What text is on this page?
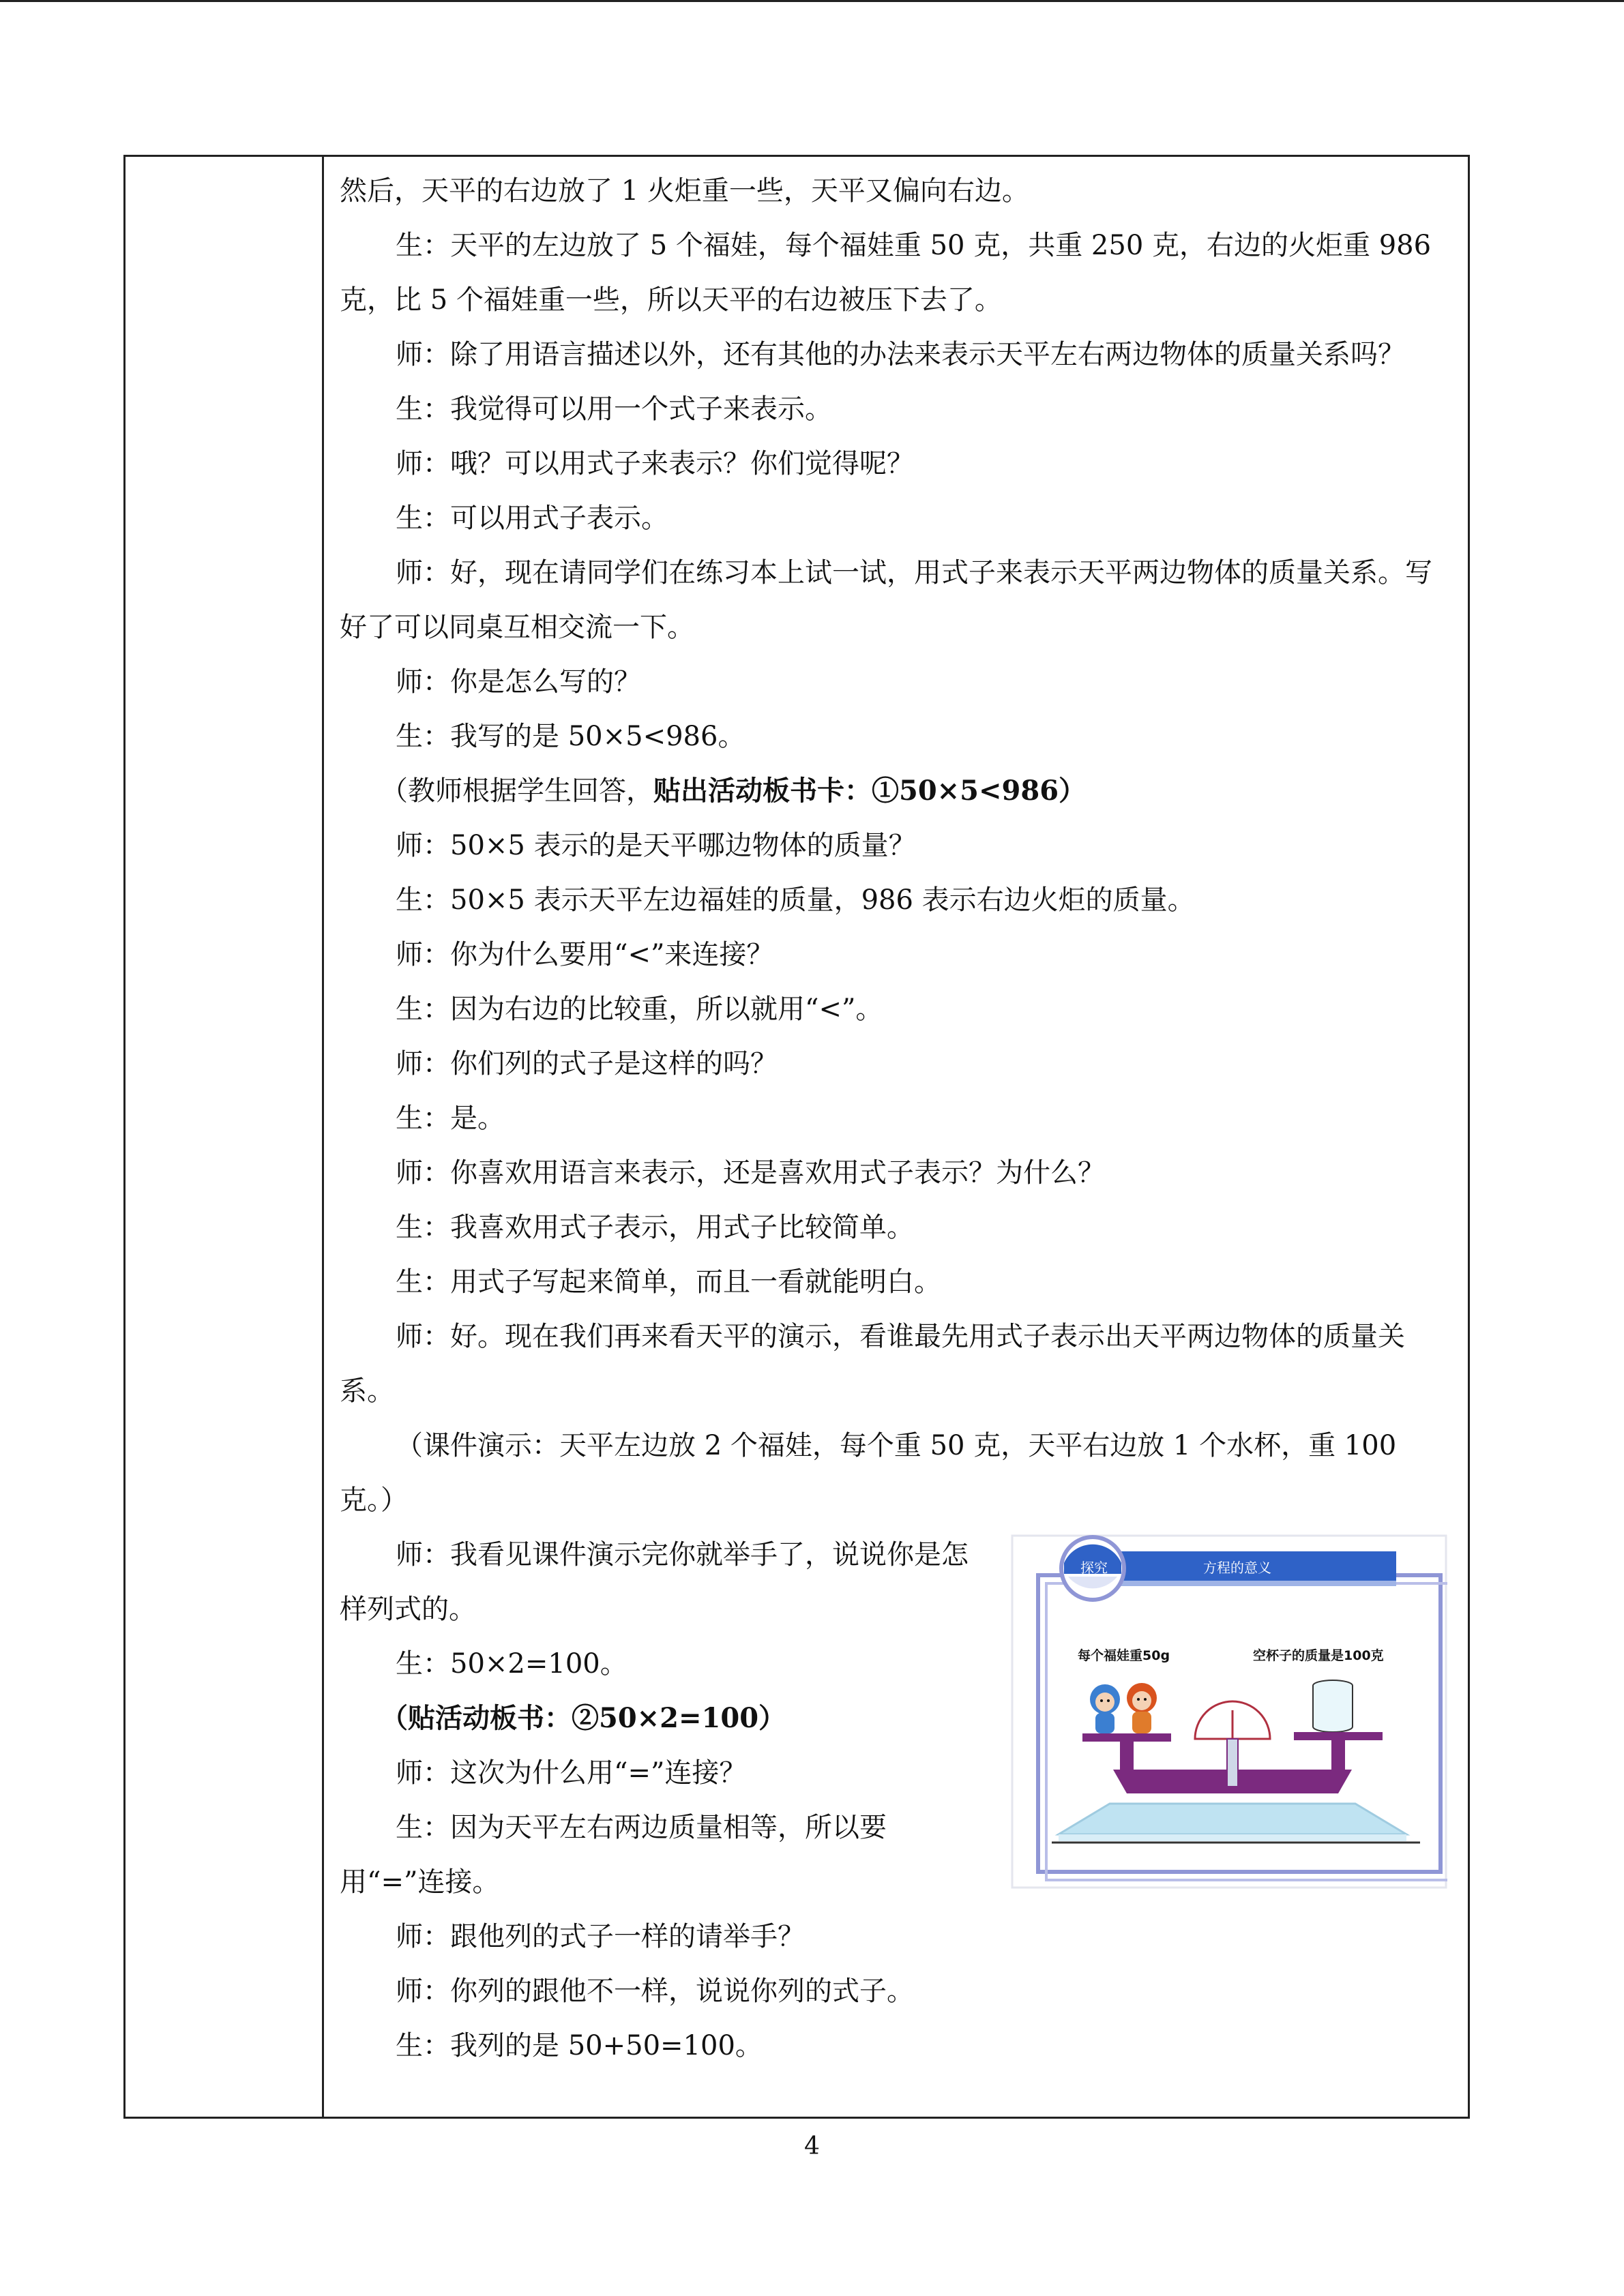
然后，天平的右边放了 1 火炬重一些，天平又偏向右边。

生：天平的左边放了 5 个福娃，每个福娃重 50 克，共重 250 克，右边的火炬重 986 克，比 5 个福娃重一些，所以天平的右边被压下去了。

师：除了用语言描述以外，还有其他的办法来表示天平左右两边物体的质量关系吗？

生：我觉得可以用一个式子来表示。

师：哦？可以用式子来表示？你们觉得呢？

生：可以用式子表示。

师：好，现在请同学们在练习本上试一试，用式子来表示天平两边物体的质量关系。写好了可以同桌互相交流一下。

师：你是怎么写的？

生：我写的是 50×5<986。

（教师根据学生回答，贴出活动板书卡：①50×5<986）

师：50×5 表示的是天平哪边物体的质量？

生：50×5 表示天平左边福娃的质量，986 表示右边火炬的质量。

师：你为什么要用“<”来连接？

生：因为右边的比较重，所以就用“<”。

师：你们列的式子是这样的吗？

生：是。

师：你喜欢用语言来表示，还是喜欢用式子表示？为什么？

生：我喜欢用式子表示，用式子比较简单。

生：用式子写起来简单，而且一看就能明白。

师：好。现在我们再来看天平的演示，看谁最先用式子表示出天平两边物体的质量关系。

（课件演示：天平左边放 2 个福娃，每个重 50 克，天平右边放 1 个水杯，重 100 克。）

探究	方程的意义
每个福娃重50g	空杯子的质量是100克

师：我看见课件演示完你就举手了，说说你是怎样列式的。

生：50×2=100。

（贴活动板书：②50×2=100）

师：这次为什么用“=”连接？

生：因为天平左右两边质量相等，所以要用“=”连接。

师：跟他列的式子一样的请举手？

师：你列的跟他不一样，说说你列的式子。

生：我列的是 50+50=100。

4
